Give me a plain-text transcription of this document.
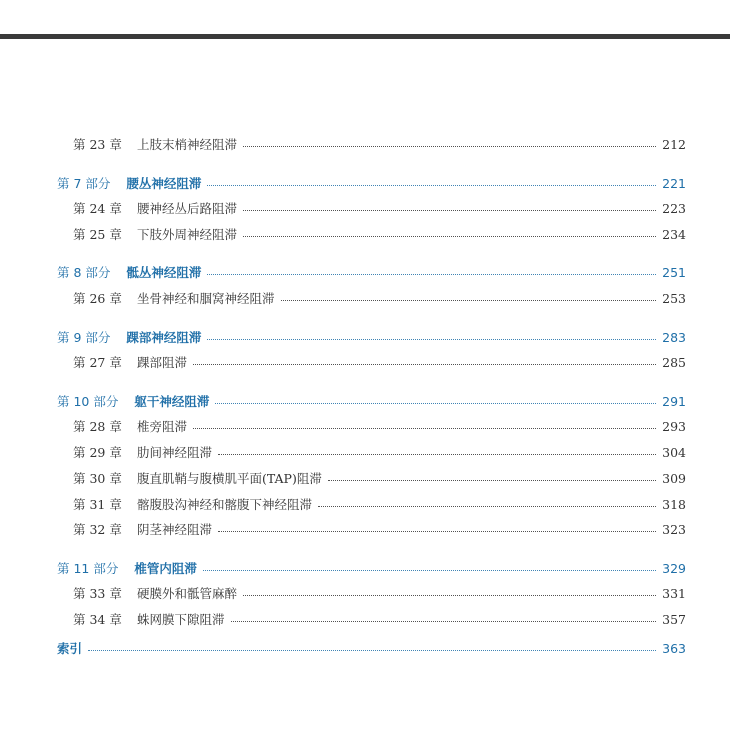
第 23 章	上肢末梢神经阻滞	212
第 7 部分 腰丛神经阻滞	221
第 24 章	腰神经丛后路阻滞	223
第 25 章	下肢外周神经阻滞	234
第 8 部分 骶丛神经阻滞	251
第 26 章	坐骨神经和腘窝神经阻滞	253
第 9 部分 踝部神经阻滞	283
第 27 章	踝部阻滞	285
第 10 部分 躯干神经阻滞	291
第 28 章	椎旁阻滞	293
第 29 章	肋间神经阻滞	304
第 30 章	腹直肌鞘与腹横肌平面(TAP)阻滞	309
第 31 章	髂腹股沟神经和髂腹下神经阻滞	318
第 32 章	阴茎神经阻滞	323
第 11 部分 椎管内阻滞	329
第 33 章	硬膜外和骶管麻醉	331
第 34 章	蛛网膜下隙阻滞	357
索引	363
